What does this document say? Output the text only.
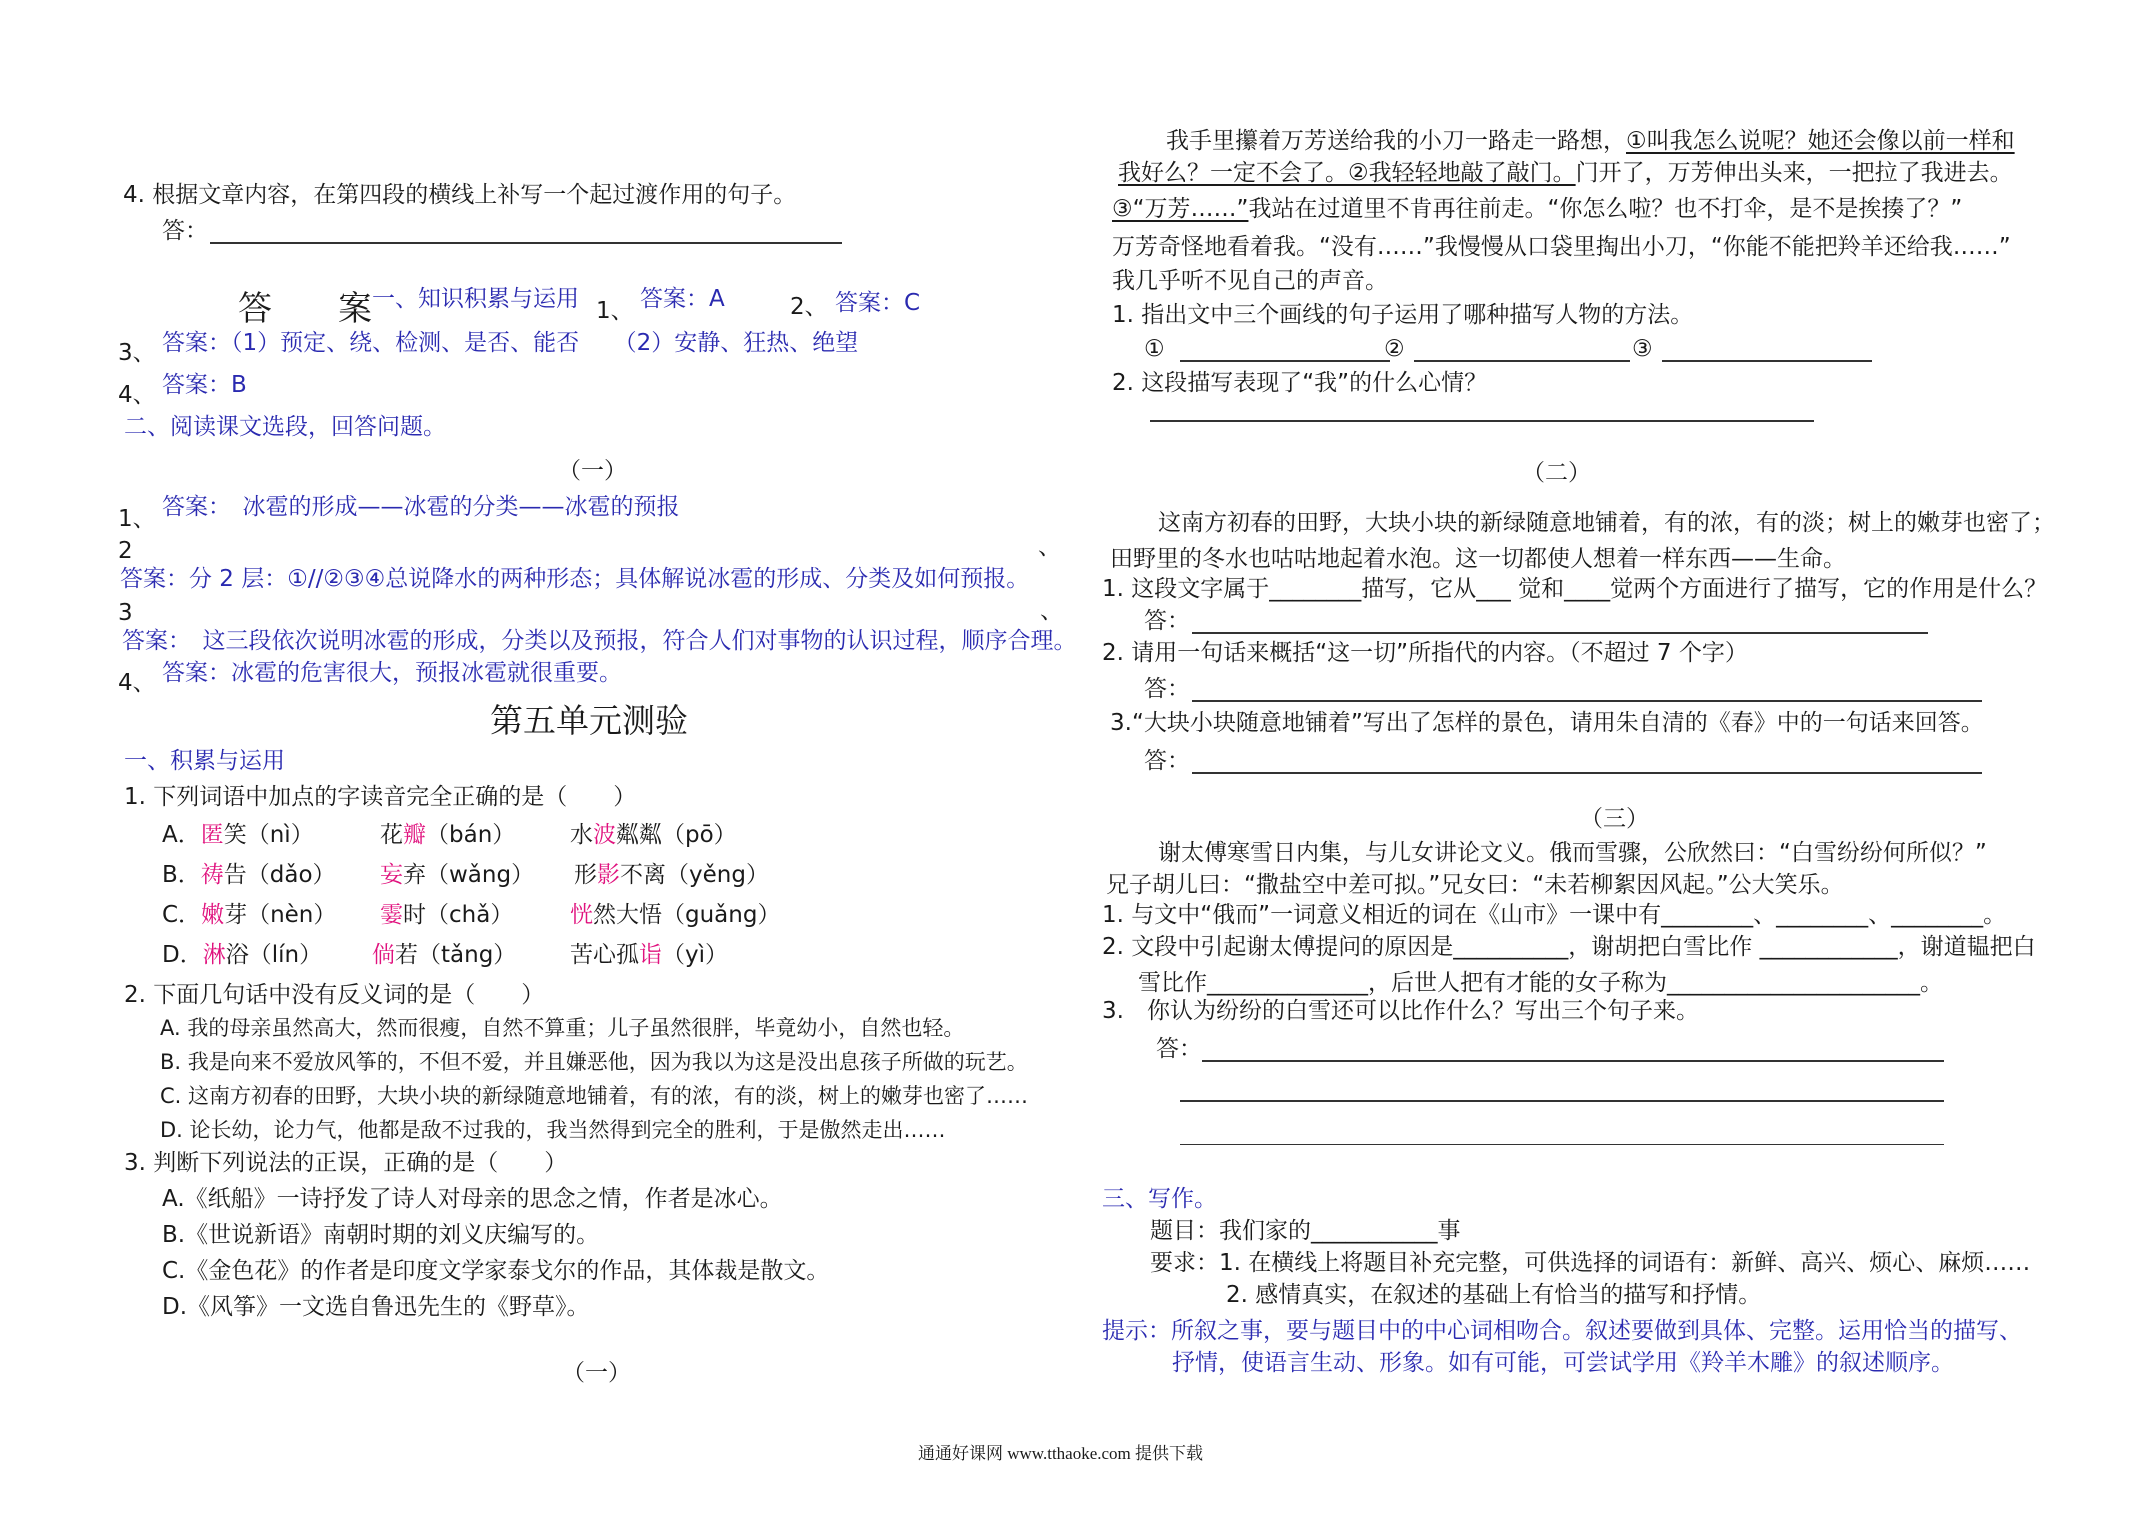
4. 根据文章内容，在第四段的横线上补写一个起过渡作用的句子。
答：
答 案 一、知识积累与运用 1、 答案：A	2、 答案：C
3、 答案：（1）预定、绕、检测、是否、能否　　（2）安静、狂热、绝望
4、 答案：B
二、阅读课文选段，回答问题。
（一）
1、 答案：　冰雹的形成——冰雹的分类——冰雹的预报
、
2
答案：分 2 层：①//②③④总说降水的两种形态；具体解说冰雹的形成、分类及如何预报。
、
3
答案：　这三段依次说明冰雹的形成，分类以及预报，符合人们对事物的认识过程，顺序合理。
4、 答案：冰雹的危害很大，预报冰雹就很重要。
第五单元测验
一、积累与运用
1. 下列词语中加点的字读音完全正确的是（　　）
A．匿笑（nì）	花瓣（bán） 水波粼粼（pō）
B．祷告（dǎo） 妄弃（wǎng） 形影不离（yěng）
C．嫩芽（nèn） 霎时（chǎ） 恍然大悟（guǎng）
D．淋浴（lín） 倘若（tǎng） 苦心孤诣（yì）
2. 下面几句话中没有反义词的是（　　）
A. 我的母亲虽然高大，然而很瘦，自然不算重；儿子虽然很胖，毕竟幼小，自然也轻。
B. 我是向来不爱放风筝的，不但不爱，并且嫌恶他，因为我以为这是没出息孩子所做的玩艺。
C. 这南方初春的田野，大块小块的新绿随意地铺着，有的浓，有的淡，树上的嫩芽也密了……
D. 论长幼，论力气，他都是敌不过我的，我当然得到完全的胜利，于是傲然走出……
3. 判断下列说法的正误，正确的是（　　）
A.《纸船》一诗抒发了诗人对母亲的思念之情，作者是冰心。
B.《世说新语》南朝时期的刘义庆编写的。
C.《金色花》的作者是印度文学家泰戈尔的作品，其体裁是散文。
D.《风筝》一文选自鲁迅先生的《野草》。
（一）
我手里攥着万芳送给我的小刀一路走一路想，①叫我怎么说呢？她还会像以前一样和
我好么？一定不会了。②我轻轻地敲了敲门。门开了，万芳伸出头来，一把拉了我进去。
③“万芳……”我站在过道里不肯再往前走。“你怎么啦？也不打伞，是不是挨揍了？”
万芳奇怪地看着我。“没有……”我慢慢从口袋里掏出小刀，“你能不能把羚羊还给我……”
我几乎听不见自己的声音。
1. 指出文中三个画线的句子运用了哪种描写人物的方法。
①	②	③
2. 这段描写表现了“我”的什么心情？
（二）
这南方初春的田野，大块小块的新绿随意地铺着，有的浓，有的淡；树上的嫩芽也密了；
田野里的冬水也咕咕地起着水泡。这一切都使人想着一样东西——生命。
1. 这段文字属于________描写，它从___ 觉和____觉两个方面进行了描写，它的作用是什么？
答：
2. 请用一句话来概括“这一切”所指代的内容。（不超过 7 个字）
答：
3.“大块小块随意地铺着”写出了怎样的景色，请用朱自清的《春》中的一句话来回答。
答：
（三）
谢太傅寒雪日内集，与儿女讲论文义。俄而雪骤，公欣然曰：“白雪纷纷何所似？”
兄子胡儿曰：“撒盐空中差可拟。”兄女曰：“未若柳絮因风起。”公大笑乐。
1. 与文中“俄而”一词意义相近的词在《山市》一课中有________、________、________。
2. 文段中引起谢太傅提问的原因是__________，谢胡把白雪比作 ____________，谢道韫把白
雪比作______________，后世人把有才能的女子称为______________________。
3.　你认为纷纷的白雪还可以比作什么？写出三个句子来。
答：
三、写作。
题目：我们家的___________事
要求：1. 在横线上将题目补充完整，可供选择的词语有：新鲜、高兴、烦心、麻烦……
2. 感情真实，在叙述的基础上有恰当的描写和抒情。
提示：所叙之事，要与题目中的中心词相吻合。叙述要做到具体、完整。运用恰当的描写、
抒情，使语言生动、形象。如有可能，可尝试学用《羚羊木雕》的叙述顺序。
通通好课网 www.tthaoke.com 提供下载
